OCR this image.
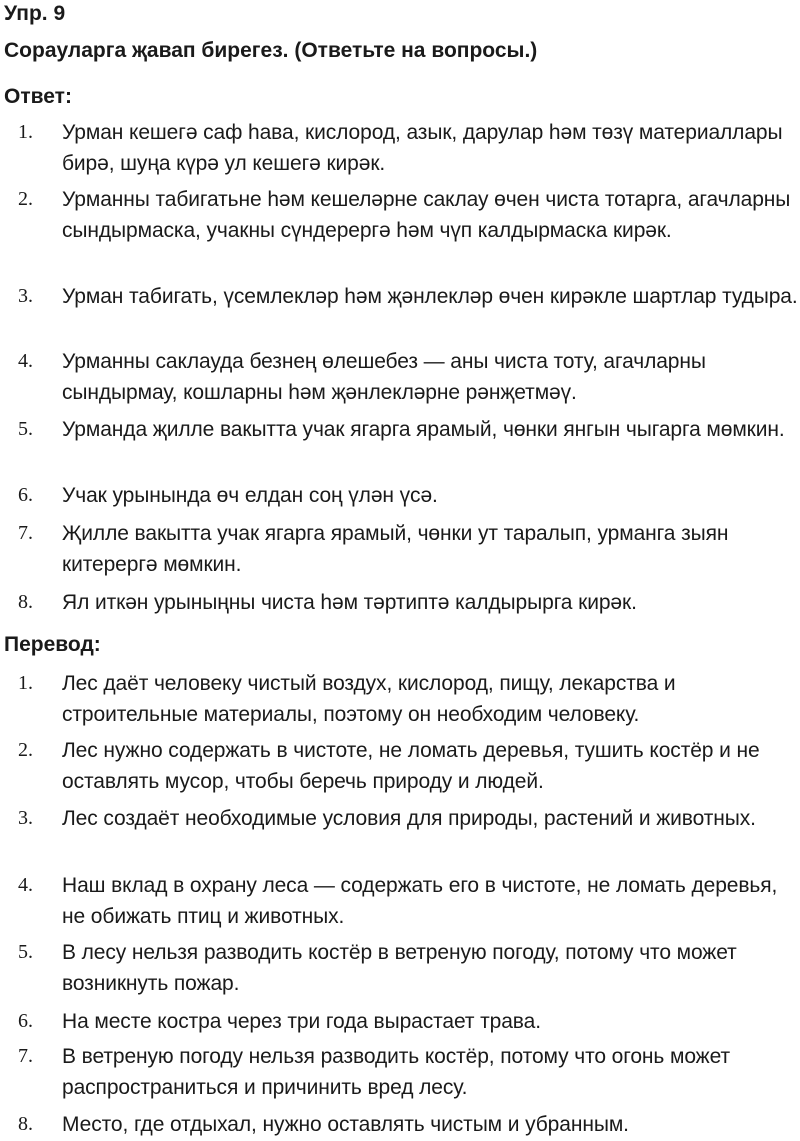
Упр. 9
Сорауларга җавап бирегез. (Ответьте на вопросы.)
Ответ:
1.	Урман кешегә саф һава, кислород, азык, дарулар һәм төзү материаллары бирә, шуңа күрә ул кешегә кирәк.
2.	Урманны табигатьне һәм кешеләрне саклау өчен чиста тотарга, агачларны сындырмаска, учакны сүндерергә һәм чүп калдырмаска кирәк.
3.	Урман табигать, үсемлекләр һәм җәнлекләр өчен кирәкле шартлар тудыра.
4.	Урманны саклауда безнең өлешебез — аны чиста тоту, агачларны сындырмау, кошларны һәм җәнлекләрне рәнҗетмәү.
5.	Урманда җилле вакытта учак ягарга ярамый, чөнки янгын чыгарга мөмкин.
6.	Учак урынында өч елдан соң үлән үсә.
7.	Җилле вакытта учак ягарга ярамый, чөнки ут таралып, урманга зыян китерергә мөмкин.
8.	Ял иткән урыныңны чиста һәм тәртиптә калдырырга кирәк.
Перевод:
1.	Лес даёт человеку чистый воздух, кислород, пищу, лекарства и строительные материалы, поэтому он необходим человеку.
2.	Лес нужно содержать в чистоте, не ломать деревья, тушить костёр и не оставлять мусор, чтобы беречь природу и людей.
3.	Лес создаёт необходимые условия для природы, растений и животных.
4.	Наш вклад в охрану леса — содержать его в чистоте, не ломать деревья, не обижать птиц и животных.
5.	В лесу нельзя разводить костёр в ветреную погоду, потому что может возникнуть пожар.
6.	На месте костра через три года вырастает трава.
7.	В ветреную погоду нельзя разводить костёр, потому что огонь может распространиться и причинить вред лесу.
8.	Место, где отдыхал, нужно оставлять чистым и убранным.
